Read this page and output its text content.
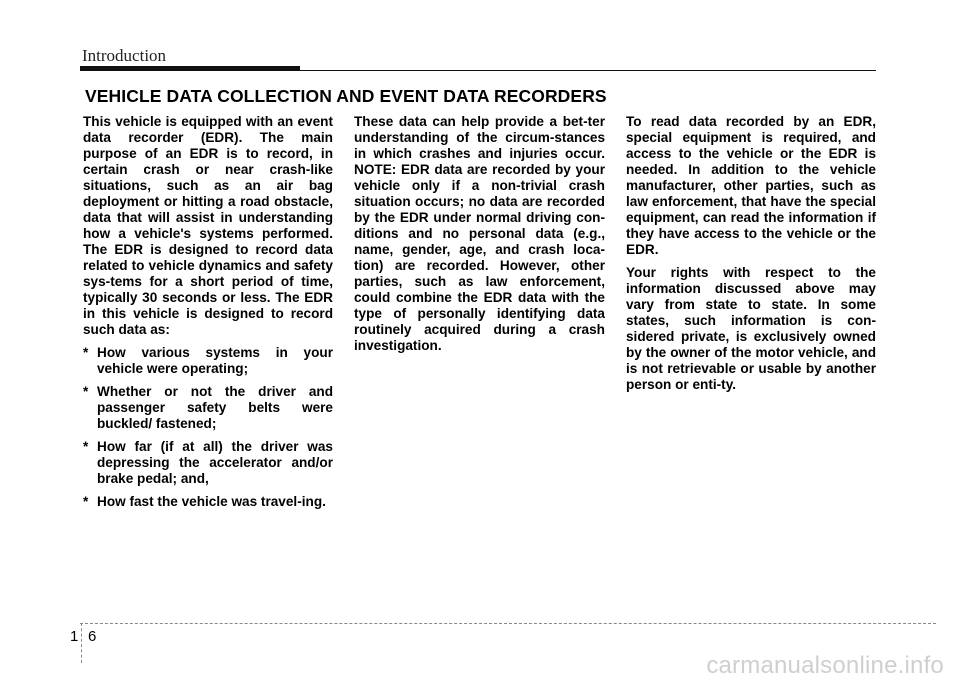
Introduction
VEHICLE DATA COLLECTION AND EVENT DATA RECORDERS

This vehicle is equipped with an event data recorder (EDR). The main purpose of an EDR is to record, in certain crash or near crash-like situations, such as an air bag deployment or hitting a road obstacle, data that will assist in understanding how a vehicle's systems performed. The EDR is designed to record data related to vehicle dynamics and safety sys-tems for a short period of time, typically 30 seconds or less. The EDR in this vehicle is designed to record such data as:

* How various systems in your vehicle were operating;
* Whether or not the driver and passenger safety belts were buckled/ fastened;
* How far (if at all) the driver was depressing the accelerator and/or brake pedal; and,
* How fast the vehicle was travel-ing.

These data can help provide a bet-ter understanding of the circum-stances in which crashes and injuries occur. NOTE: EDR data are recorded by your vehicle only if a non-trivial crash situation occurs; no data are recorded by the EDR under normal driving con-ditions and no personal data (e.g., name, gender, age, and crash loca-tion) are recorded. However, other parties, such as law enforcement, could combine the EDR data with the type of personally identifying data routinely acquired during a crash investigation.

To read data recorded by an EDR, special equipment is required, and access to the vehicle or the EDR is needed. In addition to the vehicle manufacturer, other parties, such as law enforcement, that have the special equipment, can read the information if they have access to the vehicle or the EDR.

Your rights with respect to the information discussed above may vary from state to state. In some states, such information is con-sidered private, is exclusively owned by the owner of the motor vehicle, and is not retrievable or usable by another person or enti-ty.

1 6
carmanualsonline.info
